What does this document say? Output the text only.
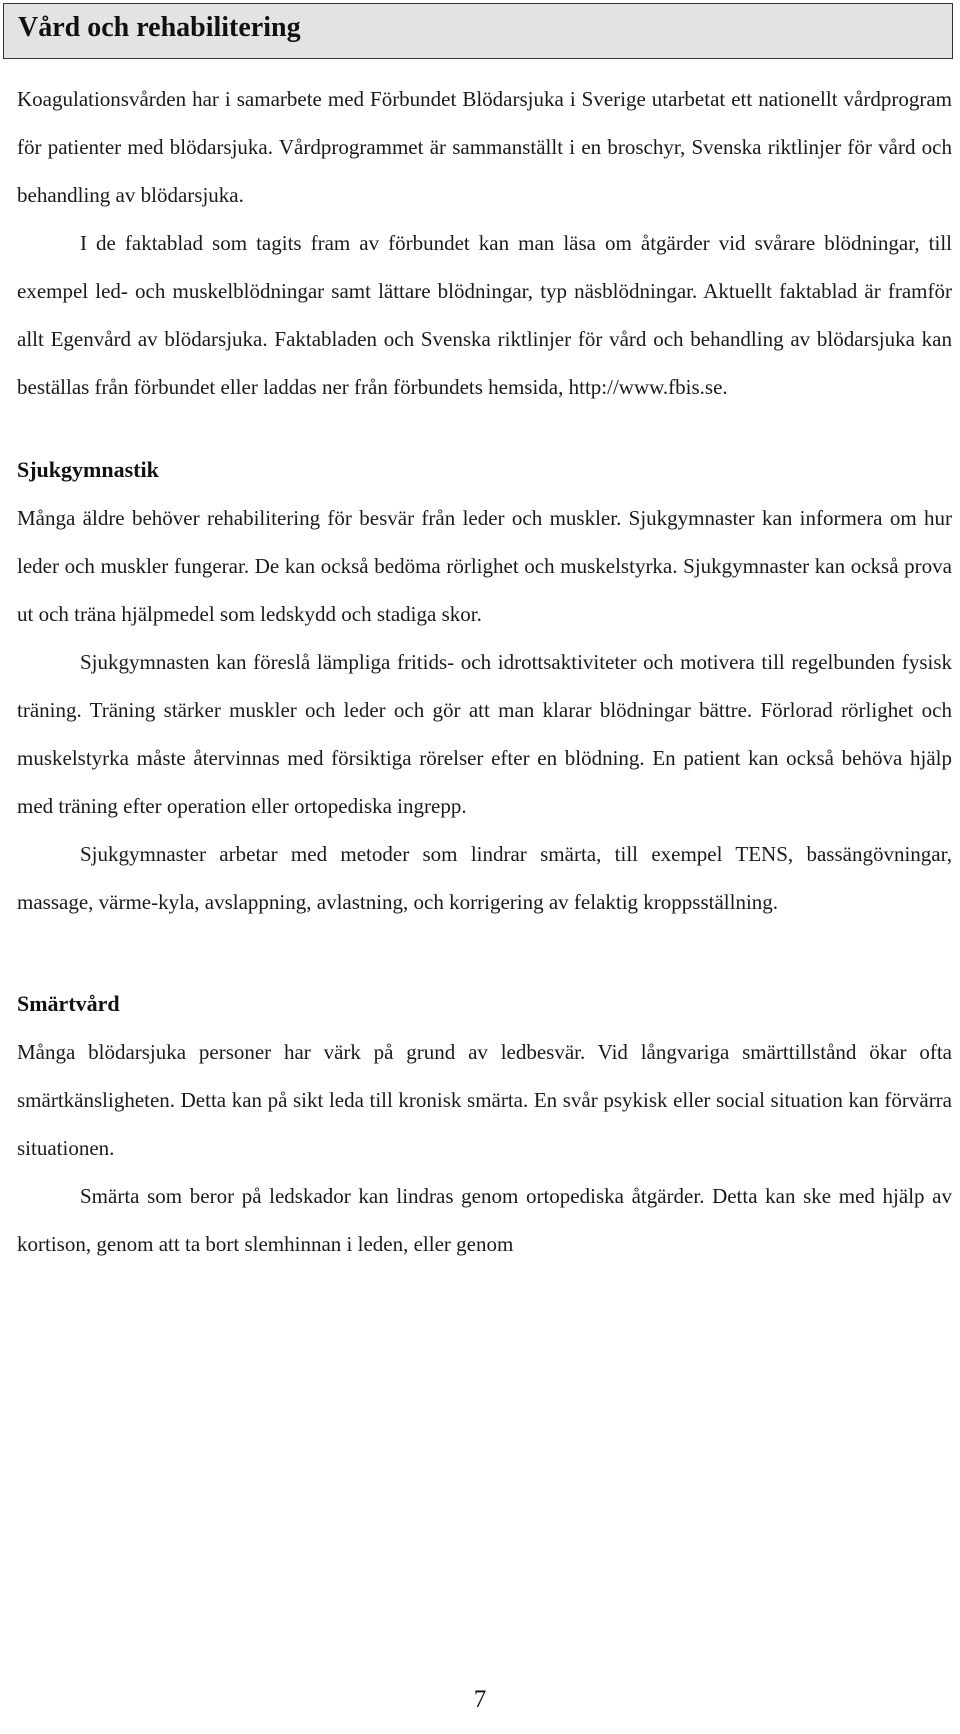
Vård och rehabilitering

Koagulationsvården har i samarbete med Förbundet Blödarsjuka i Sverige utarbetat ett nationellt vårdprogram för patienter med blödarsjuka. Vårdprogrammet är sammanställt i en broschyr, Svenska riktlinjer för vård och behandling av blödarsjuka.

I de faktablad som tagits fram av förbundet kan man läsa om åtgärder vid svårare blödningar, till exempel led- och muskelblödningar samt lättare blödningar, typ näsblödningar. Aktuellt faktablad är framför allt Egenvård av blödarsjuka. Faktabladen och Svenska riktlinjer för vård och behandling av blödarsjuka kan beställas från förbundet eller laddas ner från förbundets hemsida, http://www.fbis.se.

Sjukgymnastik

Många äldre behöver rehabilitering för besvär från leder och muskler. Sjukgymnaster kan informera om hur leder och muskler fungerar. De kan också bedöma rörlighet och muskelstyrka. Sjukgymnaster kan också prova ut och träna hjälpmedel som ledskydd och stadiga skor.

Sjukgymnasten kan föreslå lämpliga fritids- och idrottsaktiviteter och motivera till regelbunden fysisk träning. Träning stärker muskler och leder och gör att man klarar blödningar bättre. Förlorad rörlighet och muskelstyrka måste återvinnas med försiktiga rörelser efter en blödning. En patient kan också behöva hjälp med träning efter operation eller ortopediska ingrepp.

Sjukgymnaster arbetar med metoder som lindrar smärta, till exempel TENS, bassängövningar, massage, värme-kyla, avslappning, avlastning, och korrigering av felaktig kroppsställning.

Smärtvård

Många blödarsjuka personer har värk på grund av ledbesvär. Vid långvariga smärttillstånd ökar ofta smärtkänsligheten. Detta kan på sikt leda till kronisk smärta. En svår psykisk eller social situation kan förvärra situationen.

Smärta som beror på ledskador kan lindras genom ortopediska åtgärder. Detta kan ske med hjälp av kortison, genom att ta bort slemhinnan i leden, eller genom

7
